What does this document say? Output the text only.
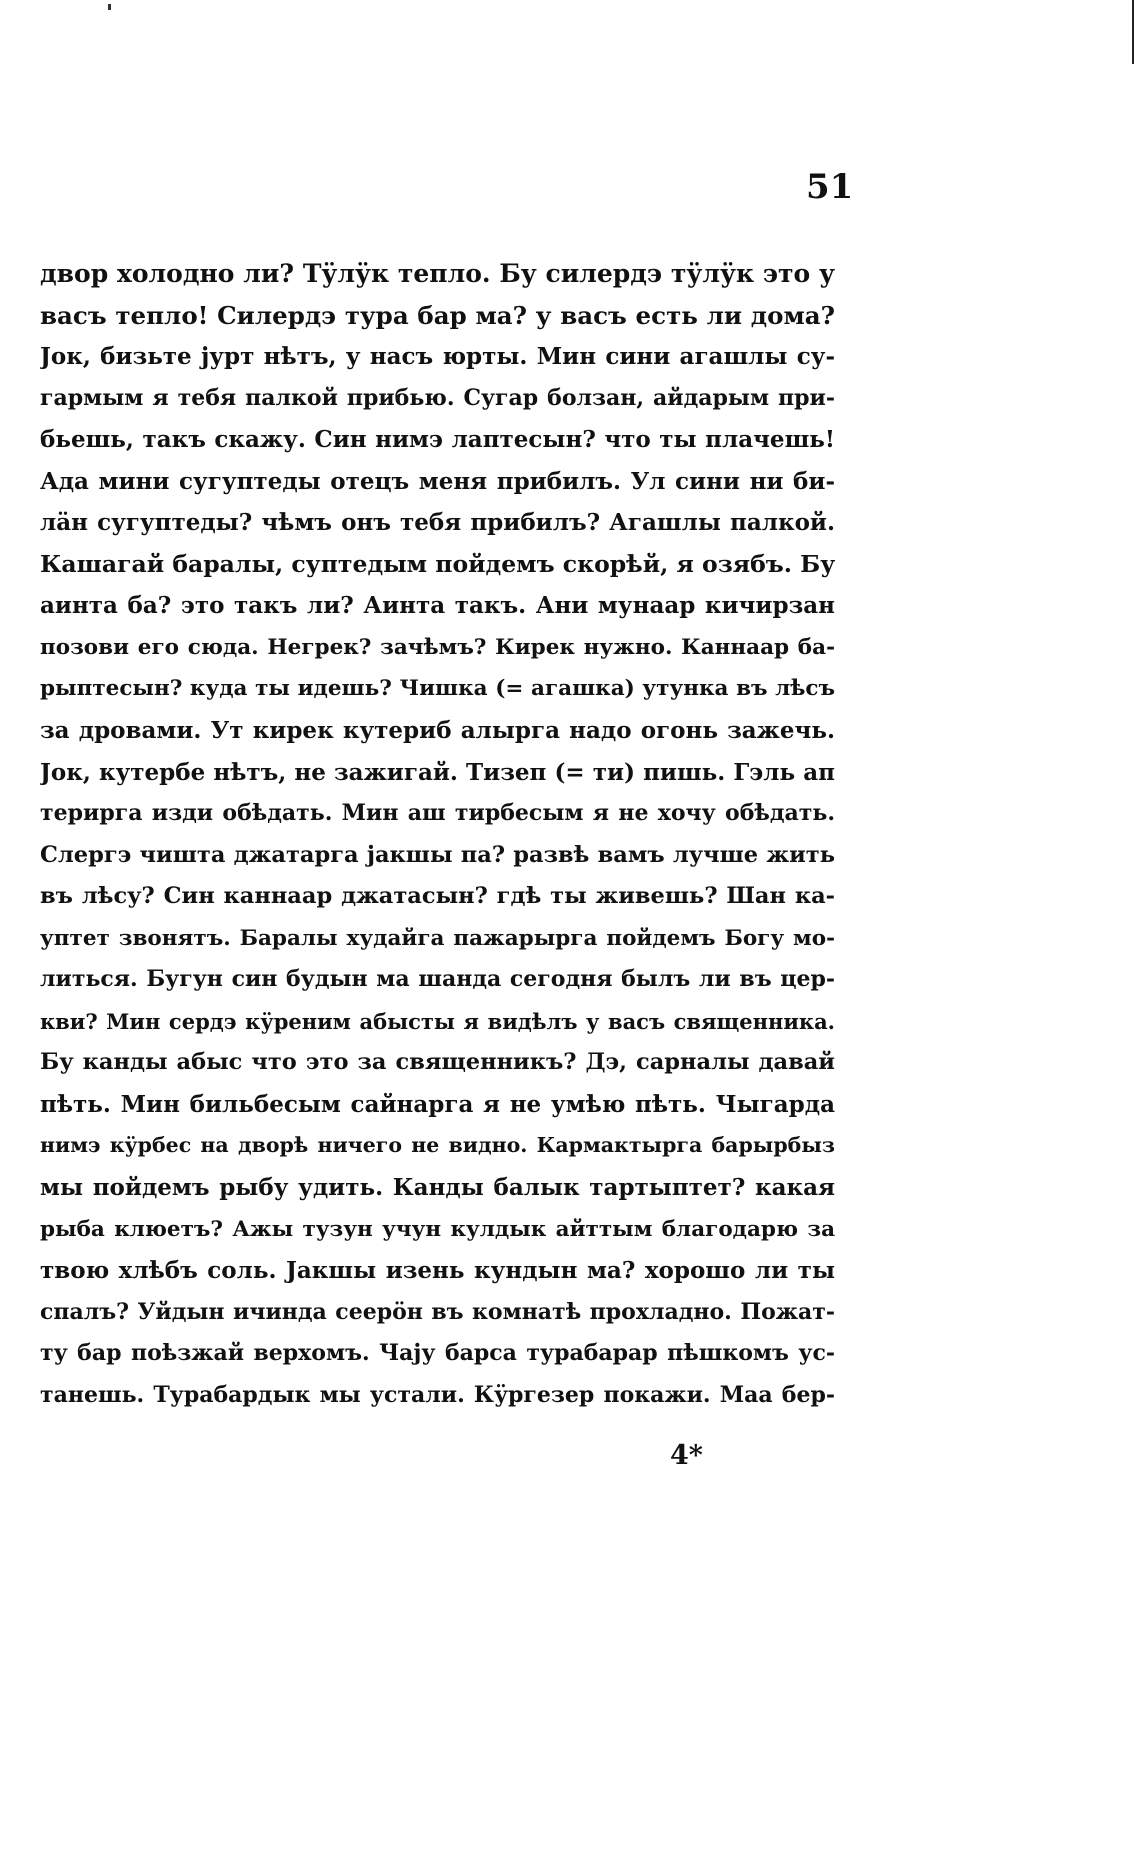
51
двор холодно ли? Тӱлӱк тепло. Бу силердэ тӱлӱк это у
васъ тепло! Силердэ тура бар ма? у васъ есть ли дома?
Јок, бизьте јурт нѣтъ, у насъ юрты. Мин сини агашлы су-
гармым я тебя палкой прибью. Сугар болзан, айдарым при-
бьешь, такъ скажу. Син нимэ лаптесын? что ты плачешь!
Ада мини сугуптеды отецъ меня прибилъ. Ул сини ни би-
лӓн сугуптеды? чѣмъ онъ тебя прибилъ? Агашлы палкой.
Кашагай баралы, суптедым пойдемъ скорѣй, я озябъ. Бу
аинта ба? это такъ ли? Аинта такъ. Ани мунаар кичирзан
позови его сюда. Негрек? зачѣмъ? Кирек нужно. Каннаар ба-
рыптесын? куда ты идешь? Чишка (= агашка) утунка въ лѣсъ
за дровами. Ут кирек кутериб алырга надо огонь зажечь.
Јок, кутербе нѣтъ, не зажигай. Тизеп (= ти) пишь. Гэль ап
терирга изди обѣдать. Мин аш тирбесым я не хочу обѣдать.
Слергэ чишта джатарга јакшы па? развѣ вамъ лучше жить
въ лѣсу? Син каннаар джатасын? гдѣ ты живешь? Шан ка-
уптет звонятъ. Баралы худайга пажарырга пойдемъ Богу мо-
литься. Бугун син будын ма шанда сегодня былъ ли въ цер-
кви? Мин сердэ кӱреним абысты я видѣлъ у васъ священника.
Бу канды абыс что это за священникъ? Дэ, сарналы давай
пѣть. Мин бильбесым сайнарга я не умѣю пѣть. Чыгарда
нимэ кӱрбес на дворѣ ничего не видно. Кармактырга барырбыз
мы пойдемъ рыбу удить. Канды балык тартыптет? какая
рыба клюетъ? Ажы тузун учун кулдык айттым благодарю за
твою хлѣбъ соль. Јакшы изень кундын ма? хорошо ли ты
спалъ? Уйдын ичинда сеерӧн въ комнатѣ прохладно. Пожат-
ту бар поѣзжай верхомъ. Чају барса турабарар пѣшкомъ ус-
танешь. Турабардык мы устали. Кӱргезер покажи. Маа бер-
4*
